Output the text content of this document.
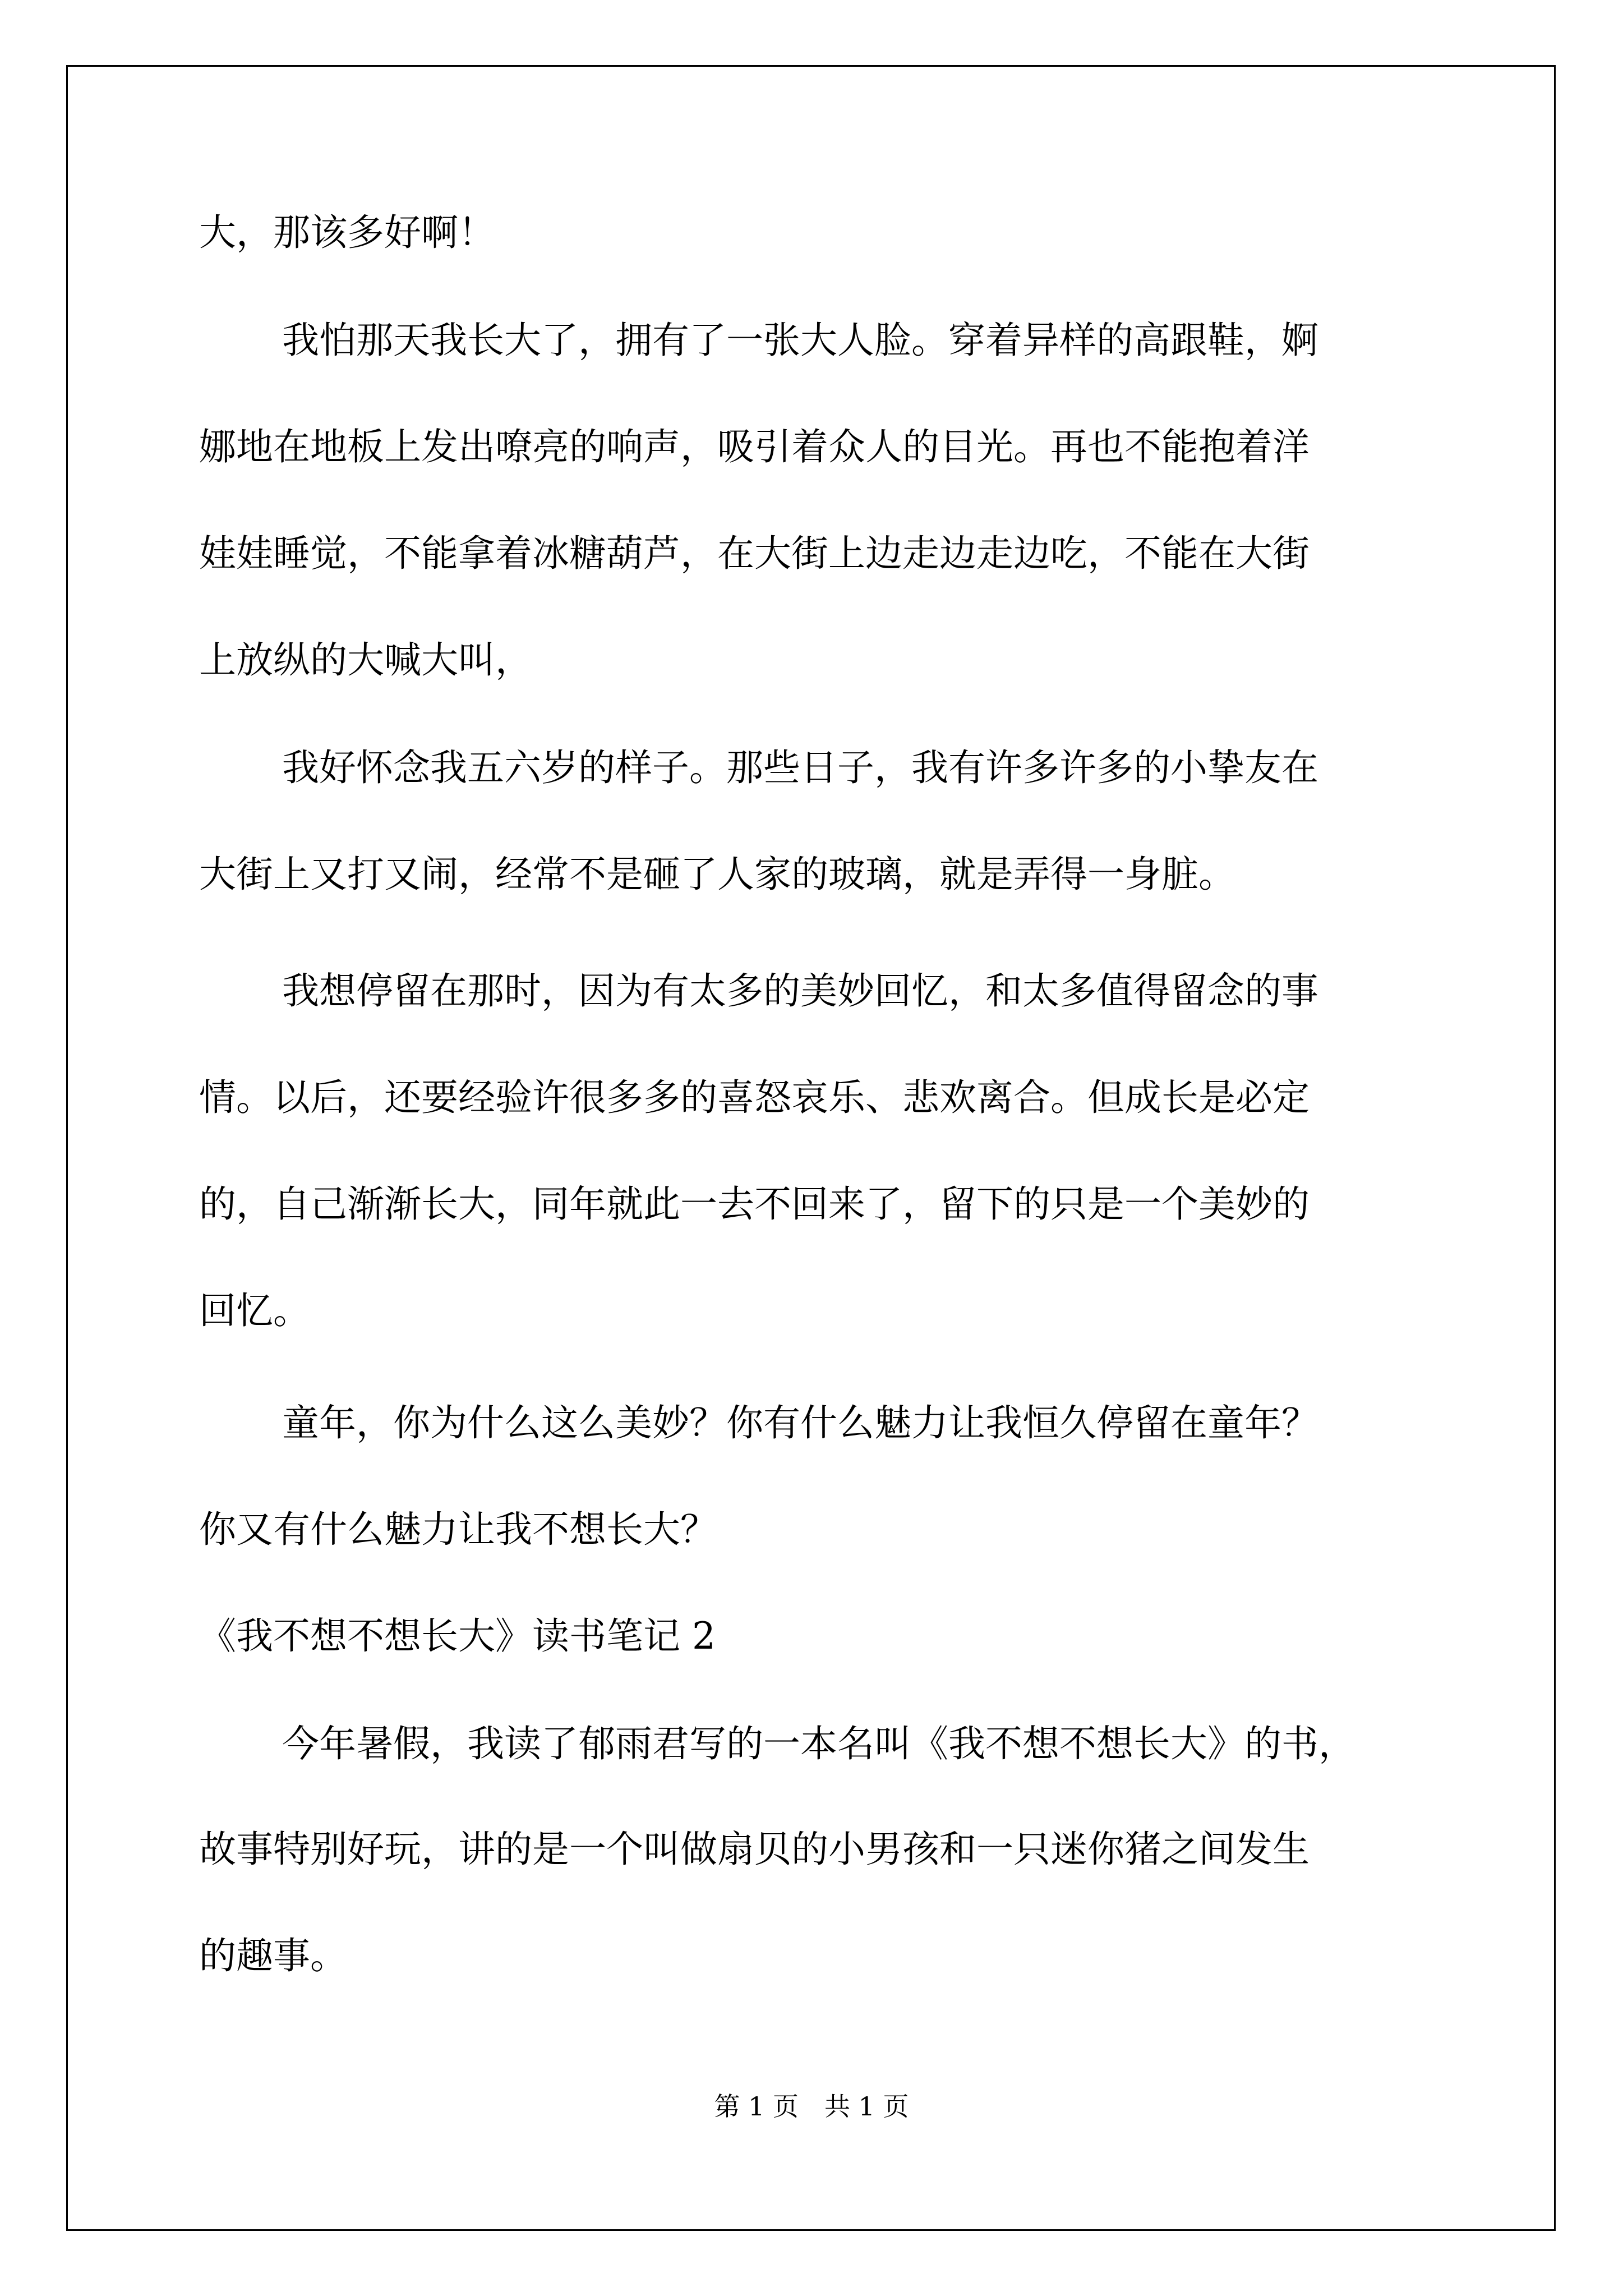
大，那该多好啊！
我怕那天我长大了，拥有了一张大人脸。穿着异样的高跟鞋，婀
娜地在地板上发出嘹亮的响声，吸引着众人的目光。再也不能抱着洋
娃娃睡觉，不能拿着冰糖葫芦，在大街上边走边走边吃，不能在大街
上放纵的大喊大叫，
我好怀念我五六岁的样子。那些日子，我有许多许多的小挚友在
大街上又打又闹，经常不是砸了人家的玻璃，就是弄得一身脏。
我想停留在那时，因为有太多的美妙回忆，和太多值得留念的事
情。以后，还要经验许很多多的喜怒哀乐、悲欢离合。但成长是必定
的，自己渐渐长大，同年就此一去不回来了，留下的只是一个美妙的
回忆。
童年，你为什么这么美妙？你有什么魅力让我恒久停留在童年？
你又有什么魅力让我不想长大？
《我不想不想长大》读书笔记 2
今年暑假，我读了郁雨君写的一本名叫《我不想不想长大》的书，
故事特别好玩，讲的是一个叫做扇贝的小男孩和一只迷你猪之间发生
的趣事。
第 1 页　共 1 页
